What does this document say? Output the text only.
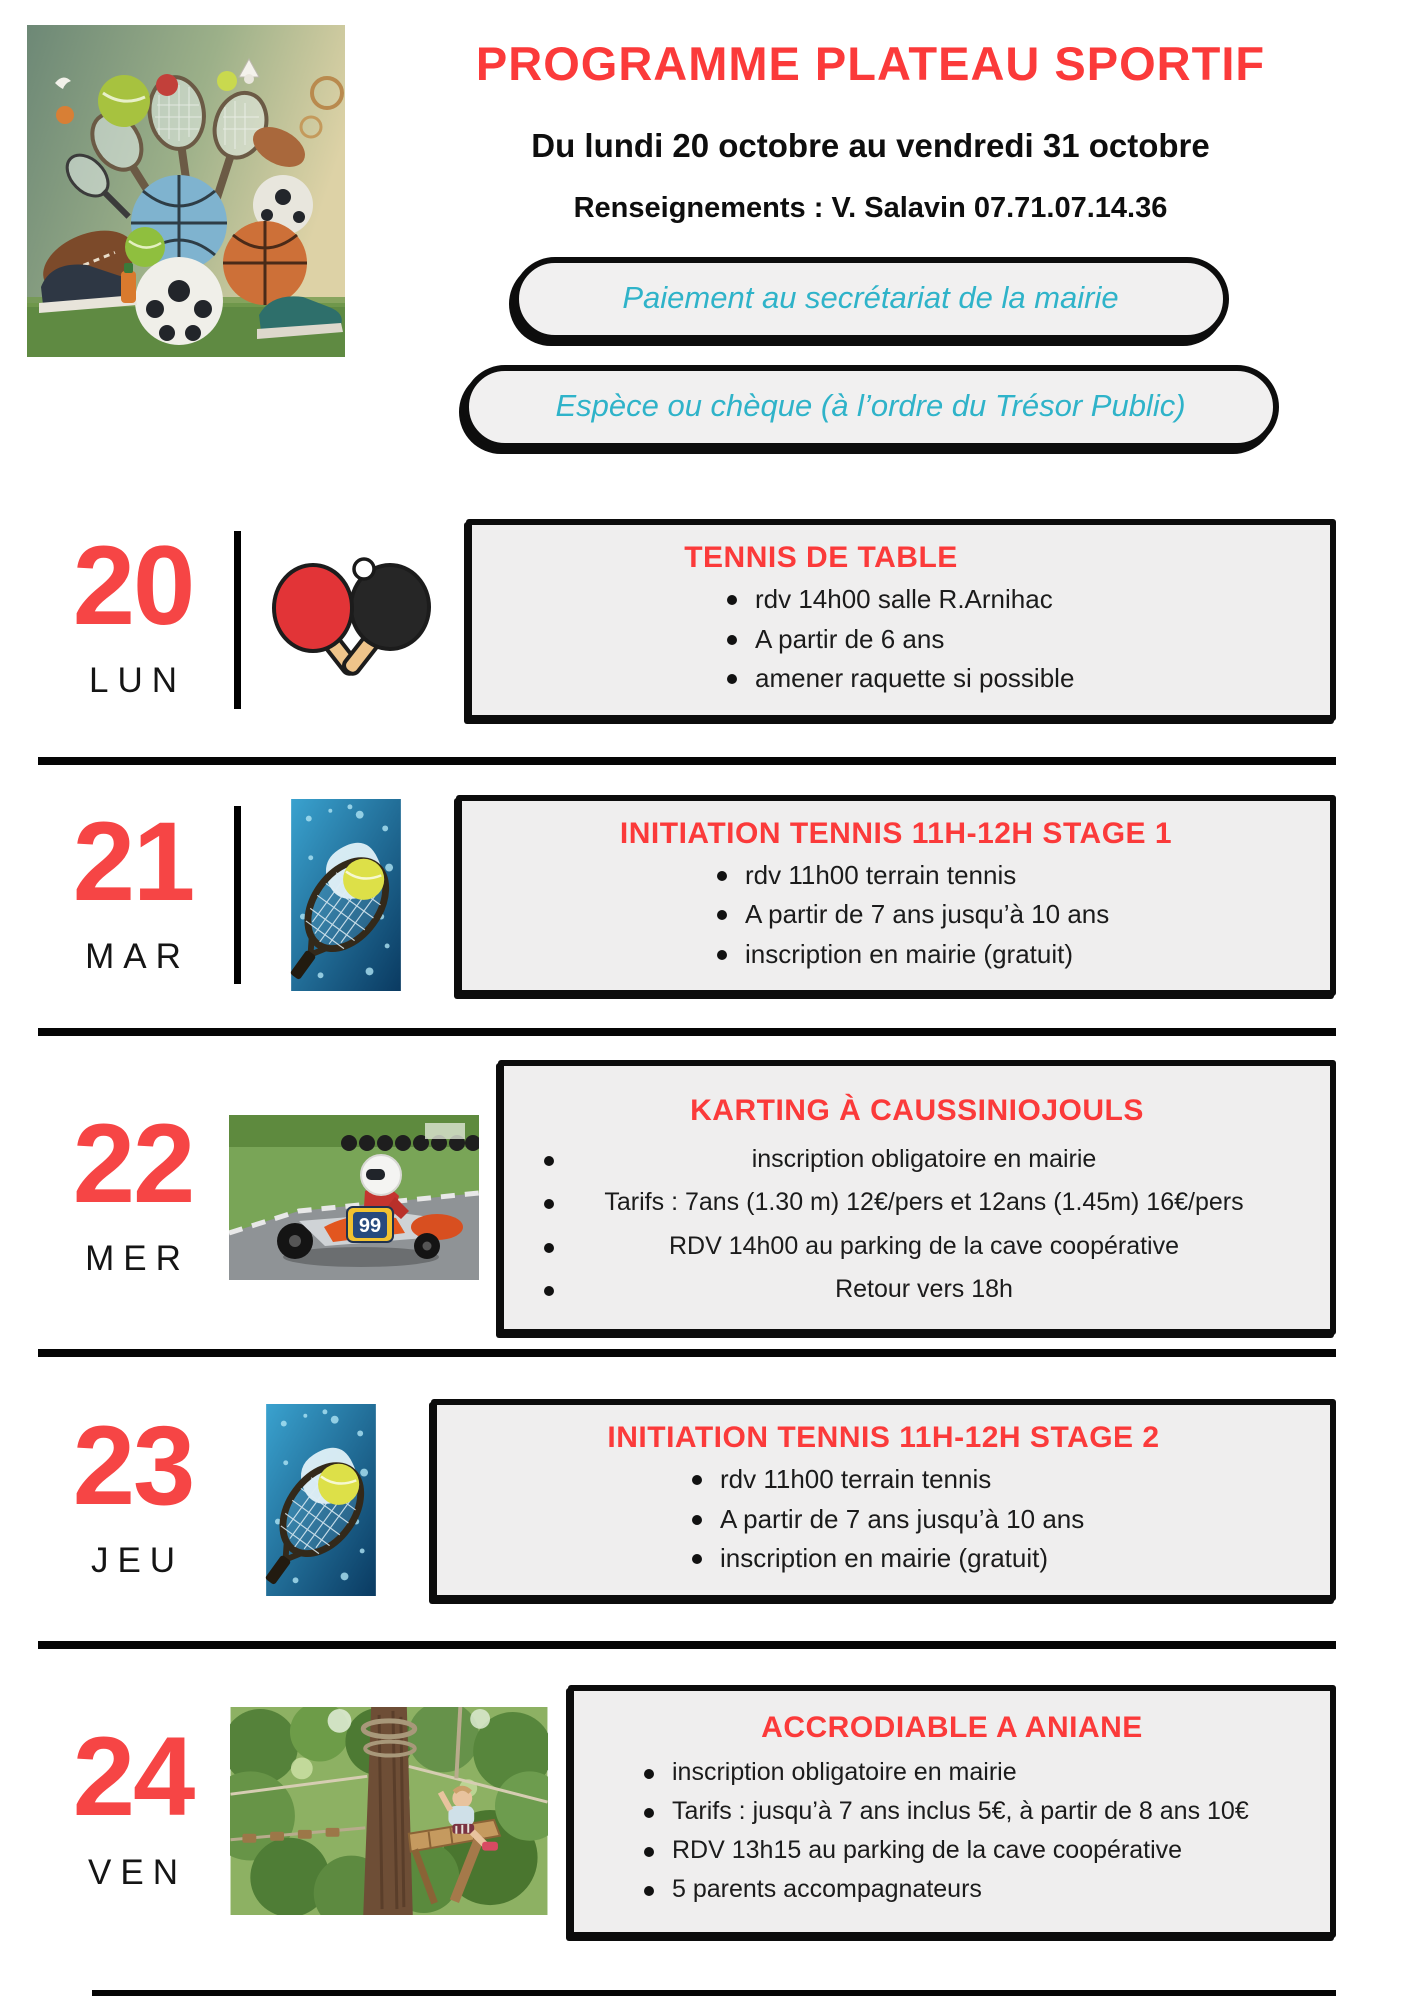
PROGRAMME PLATEAU SPORTIF
Du lundi 20 octobre au vendredi 31 octobre
Renseignements : V. Salavin 07.71.07.14.36
Paiement au secrétariat de la mairie
Espèce ou chèque (à l’ordre du Trésor Public)
20
LUN
TENNIS DE TABLE
rdv 14h00 salle R.Arnihac
A partir de 6 ans
amener raquette si possible
21
MAR
INITIATION TENNIS 11H-12H STAGE 1
rdv 11h00 terrain tennis
A partir de 7 ans jusqu’à 10 ans
inscription en mairie (gratuit)
22
MER
99
KARTING À CAUSSINIOJOULS
inscription obligatoire en mairie
Tarifs : 7ans (1.30 m) 12€/pers et 12ans (1.45m) 16€/pers
RDV 14h00 au parking de la cave coopérative
Retour vers 18h
23
JEU
INITIATION TENNIS 11H-12H STAGE 2
rdv 11h00 terrain tennis
A partir de 7 ans jusqu’à 10 ans
inscription en mairie (gratuit)
24
VEN
ACCRODIABLE A ANIANE
inscription obligatoire en mairie
Tarifs : jusqu’à 7 ans inclus 5€, à partir de 8 ans 10€
RDV 13h15 au parking de la cave coopérative
5 parents accompagnateurs
